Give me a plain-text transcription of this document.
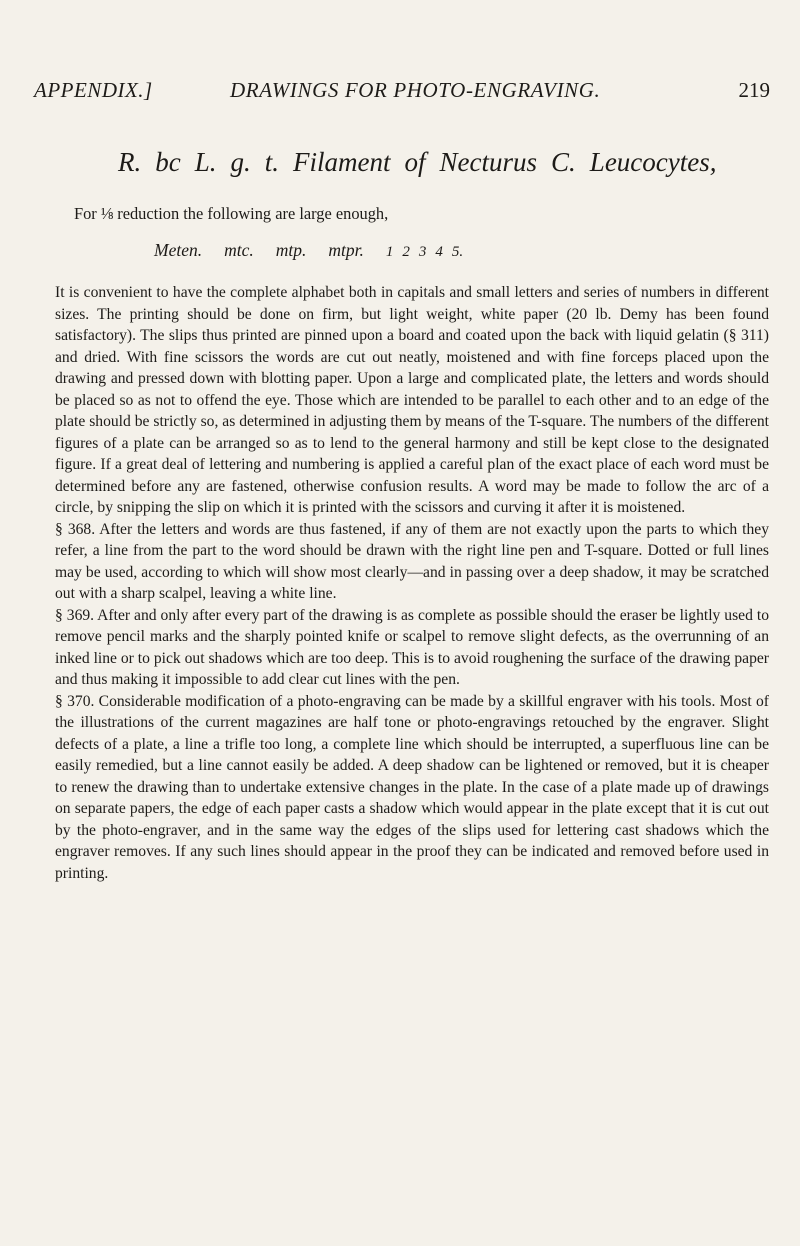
APPENDIX.]	DRAWINGS FOR PHOTO-ENGRAVING.	219
R. bc L. g. t. Filament of Necturus C. Leucocytes,
For ⅛ reduction the following are large enough,
Meten. mtc. mtp. mtpr. 1 2 3 4 5.

It is convenient to have the complete alphabet both in capitals and small letters and series of numbers in different sizes. The printing should be done on firm, but light weight, white paper (20 lb. Demy has been found satisfactory). The slips thus printed are pinned upon a board and coated upon the back with liquid gelatin (§ 311) and dried. With fine scissors the words are cut out neatly, moistened and with fine forceps placed upon the drawing and pressed down with blotting paper. Upon a large and complicated plate, the letters and words should be placed so as not to offend the eye. Those which are intended to be parallel to each other and to an edge of the plate should be strictly so, as determined in adjusting them by means of the T-square. The numbers of the different figures of a plate can be arranged so as to lend to the general harmony and still be kept close to the designated figure. If a great deal of lettering and numbering is applied a careful plan of the exact place of each word must be determined before any are fastened, otherwise confusion results. A word may be made to follow the arc of a circle, by snipping the slip on which it is printed with the scissors and curving it after it is moistened.

§ 368. After the letters and words are thus fastened, if any of them are not exactly upon the parts to which they refer, a line from the part to the word should be drawn with the right line pen and T-square. Dotted or full lines may be used, according to which will show most clearly—and in passing over a deep shadow, it may be scratched out with a sharp scalpel, leaving a white line.

§ 369. After and only after every part of the drawing is as complete as possible should the eraser be lightly used to remove pencil marks and the sharply pointed knife or scalpel to remove slight defects, as the overrunning of an inked line or to pick out shadows which are too deep. This is to avoid roughening the surface of the drawing paper and thus making it impossible to add clear cut lines with the pen.

§ 370. Considerable modification of a photo-engraving can be made by a skillful engraver with his tools. Most of the illustrations of the current magazines are half tone or photo-engravings retouched by the engraver. Slight defects of a plate, a line a trifle too long, a complete line which should be interrupted, a superfluous line can be easily remedied, but a line cannot easily be added. A deep shadow can be lightened or removed, but it is cheaper to renew the drawing than to undertake extensive changes in the plate. In the case of a plate made up of drawings on separate papers, the edge of each paper casts a shadow which would appear in the plate except that it is cut out by the photo-engraver, and in the same way the edges of the slips used for lettering cast shadows which the engraver removes. If any such lines should appear in the proof they can be indicated and removed before used in printing.
